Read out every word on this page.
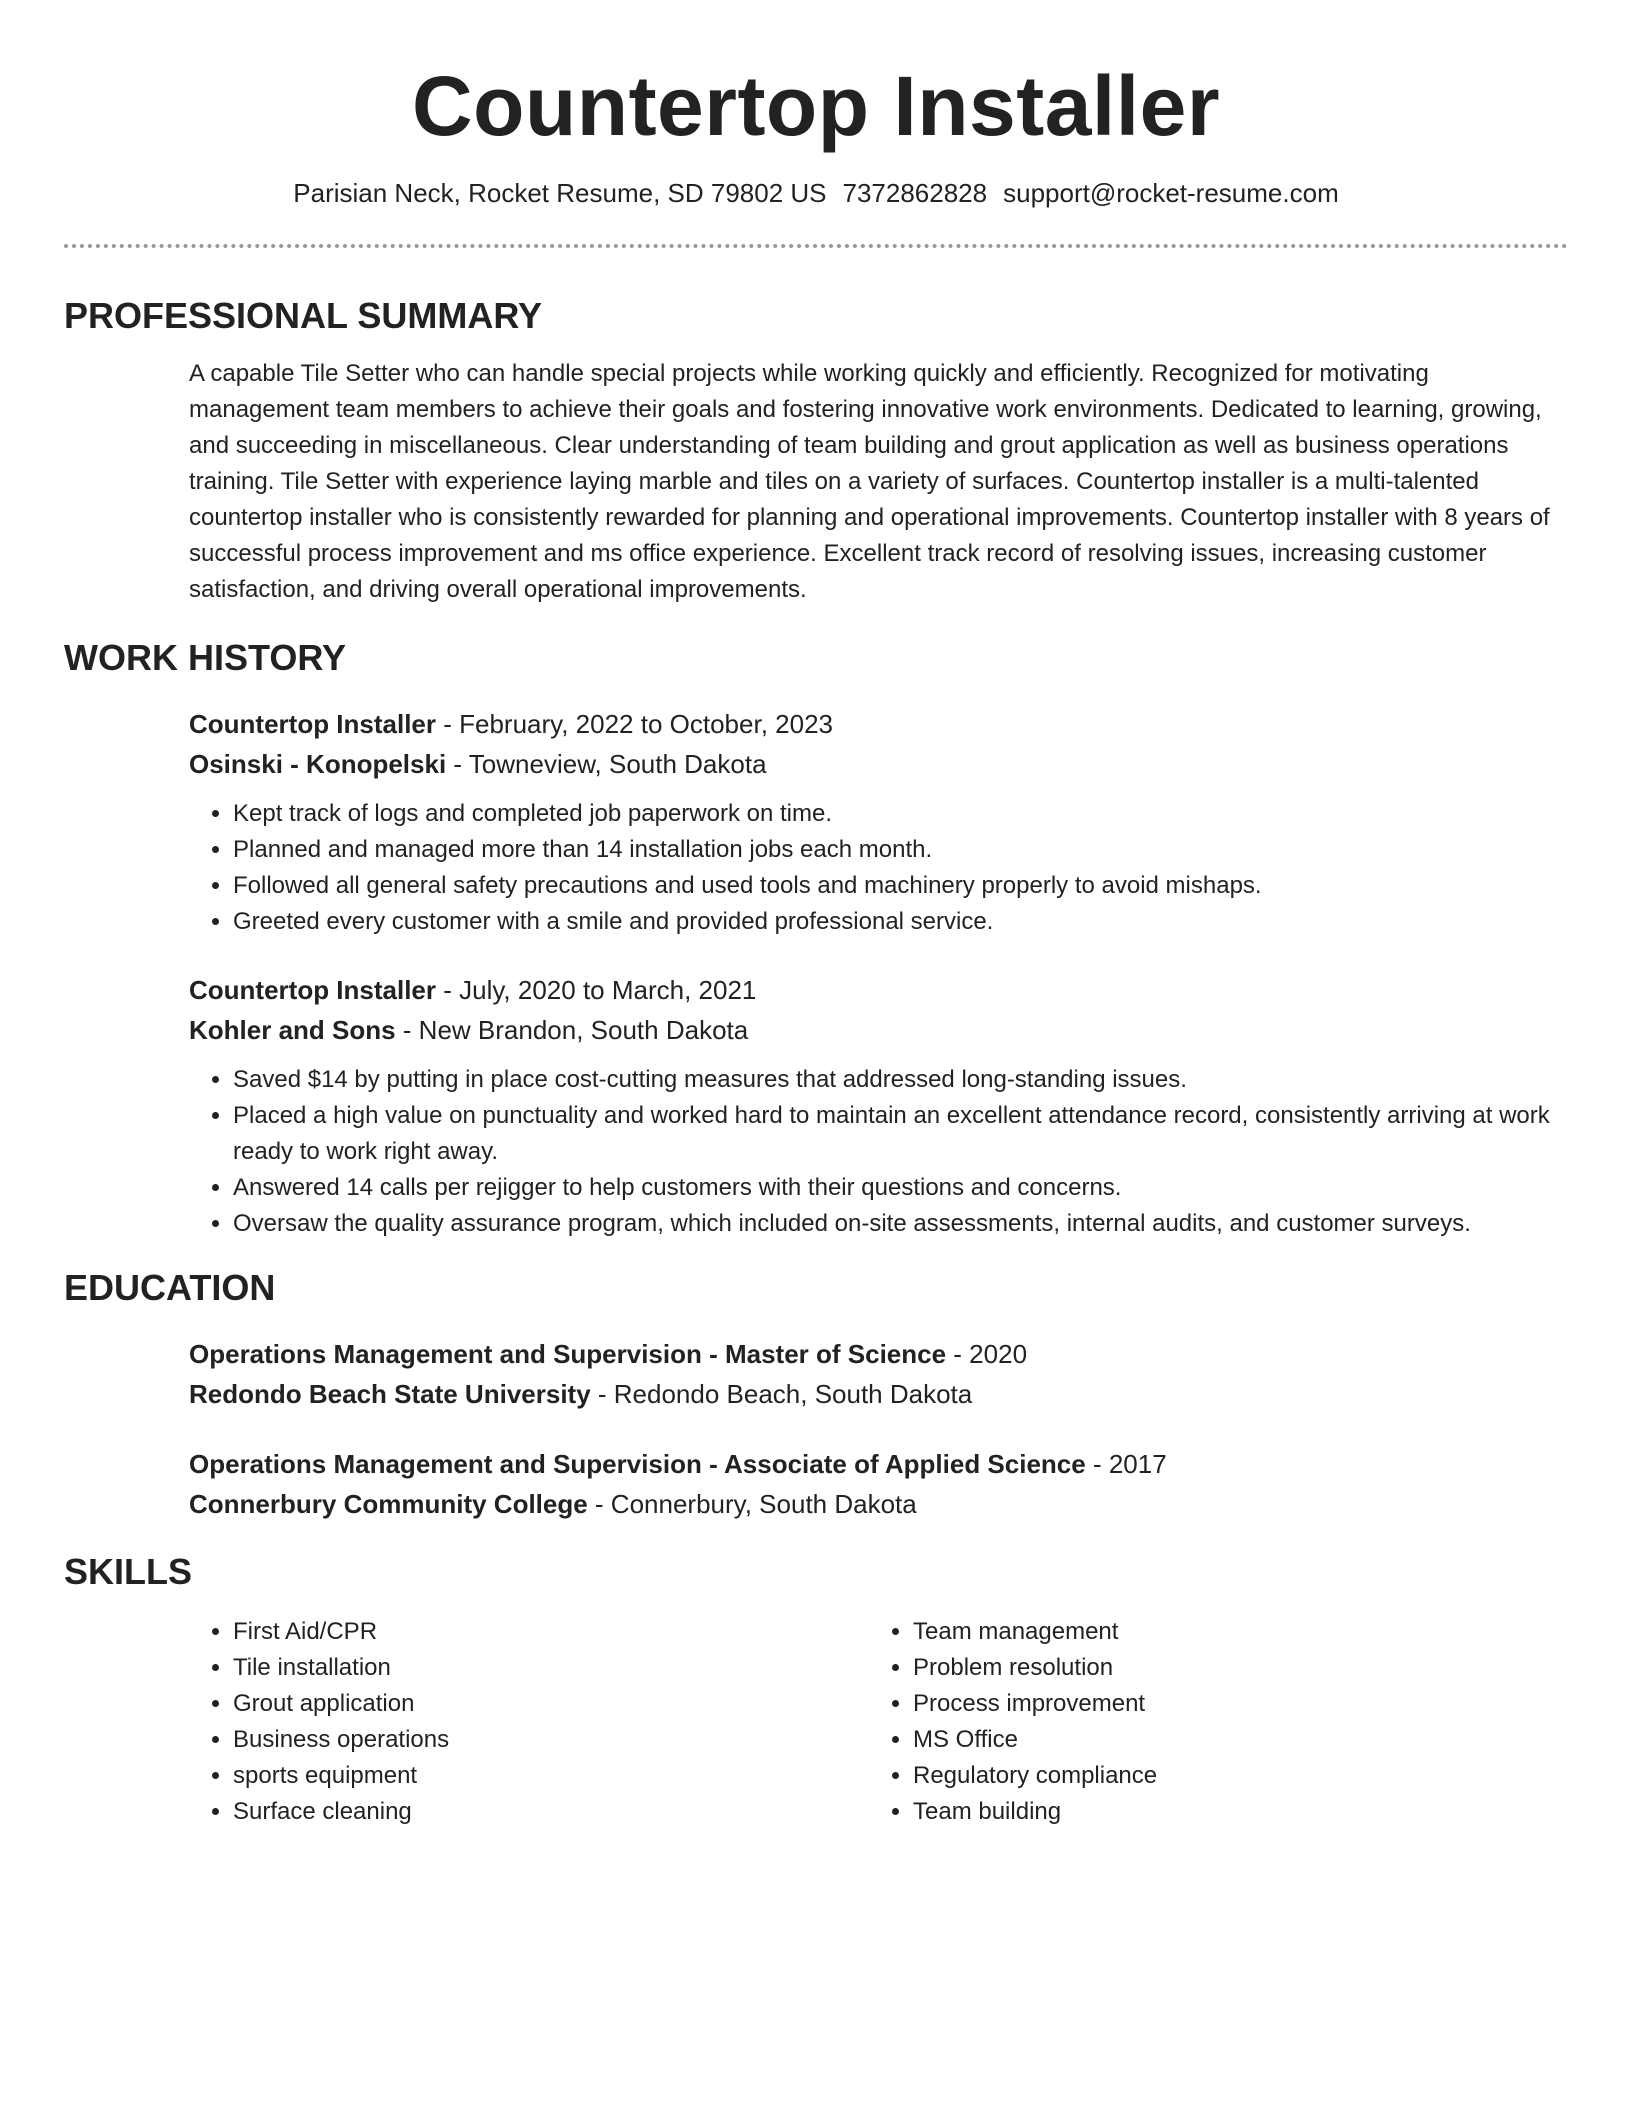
Countertop Installer
Parisian Neck, Rocket Resume, SD 79802 US 7372862828 support@rocket-resume.com
PROFESSIONAL SUMMARY

A capable Tile Setter who can handle special projects while working quickly and efficiently. Recognized for motivating management team members to achieve their goals and fostering innovative work environments. Dedicated to learning, growing, and succeeding in miscellaneous. Clear understanding of team building and grout application as well as business operations training. Tile Setter with experience laying marble and tiles on a variety of surfaces. Countertop installer is a multi-talented countertop installer who is consistently rewarded for planning and operational improvements. Countertop installer with 8 years of successful process improvement and ms office experience. Excellent track record of resolving issues, increasing customer satisfaction, and driving overall operational improvements.

WORK HISTORY
Countertop Installer - February, 2022 to October, 2023
Osinski - Konopelski - Towneview, South Dakota
• Kept track of logs and completed job paperwork on time.
• Planned and managed more than 14 installation jobs each month.
• Followed all general safety precautions and used tools and machinery properly to avoid mishaps.
• Greeted every customer with a smile and provided professional service.
Countertop Installer - July, 2020 to March, 2021
Kohler and Sons - New Brandon, South Dakota
• Saved $14 by putting in place cost-cutting measures that addressed long-standing issues.
• Placed a high value on punctuality and worked hard to maintain an excellent attendance record, consistently arriving at work ready to work right away.
• Answered 14 calls per rejigger to help customers with their questions and concerns.
• Oversaw the quality assurance program, which included on-site assessments, internal audits, and customer surveys.
EDUCATION
Operations Management and Supervision - Master of Science - 2020
Redondo Beach State University - Redondo Beach, South Dakota
Operations Management and Supervision - Associate of Applied Science - 2017
Connerbury Community College - Connerbury, South Dakota
SKILLS
• First Aid/CPR
• Tile installation
• Grout application
• Business operations
• sports equipment
• Surface cleaning
• Team management
• Problem resolution
• Process improvement
• MS Office
• Regulatory compliance
• Team building
